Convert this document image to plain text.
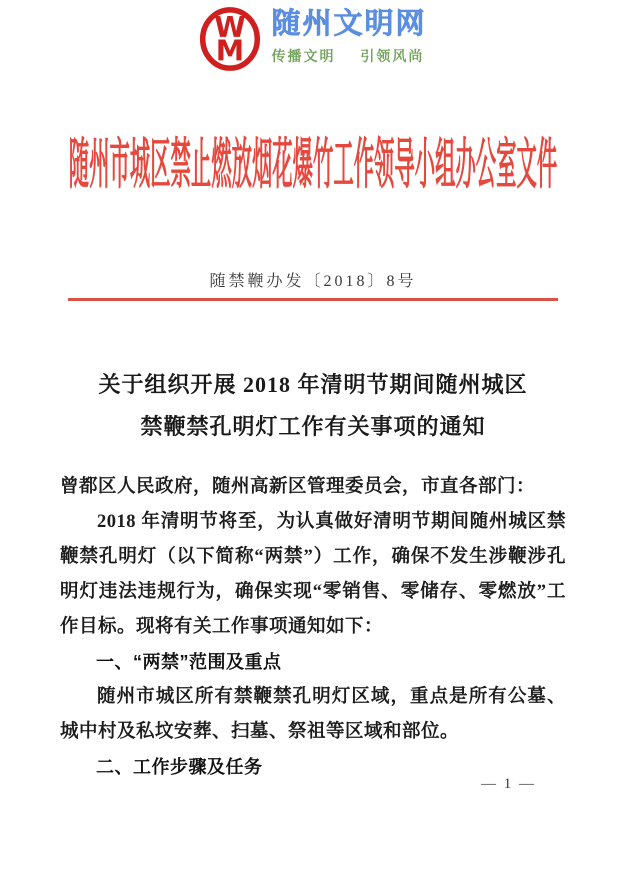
W
M
随州文明网
传播文明 引领风尚
随州市城区禁止燃放烟花爆竹工作领导小组办公室文件
随禁鞭办发〔2018〕8号
关于组织开展 2018 年清明节期间随州城区
禁鞭禁孔明灯工作有关事项的通知

曾都区人民政府，随州高新区管理委员会，市直各部门：

2018 年清明节将至，为认真做好清明节期间随州城区禁鞭禁孔明灯（以下简称“两禁”）工作，确保不发生涉鞭涉孔明灯违法违规行为，确保实现“零销售、零储存、零燃放”工作目标。现将有关工作事项通知如下：

一、“两禁”范围及重点

随州市城区所有禁鞭禁孔明灯区域，重点是所有公墓、城中村及私坟安葬、扫墓、祭祖等区域和部位。

二、工作步骤及任务

— 1 —
